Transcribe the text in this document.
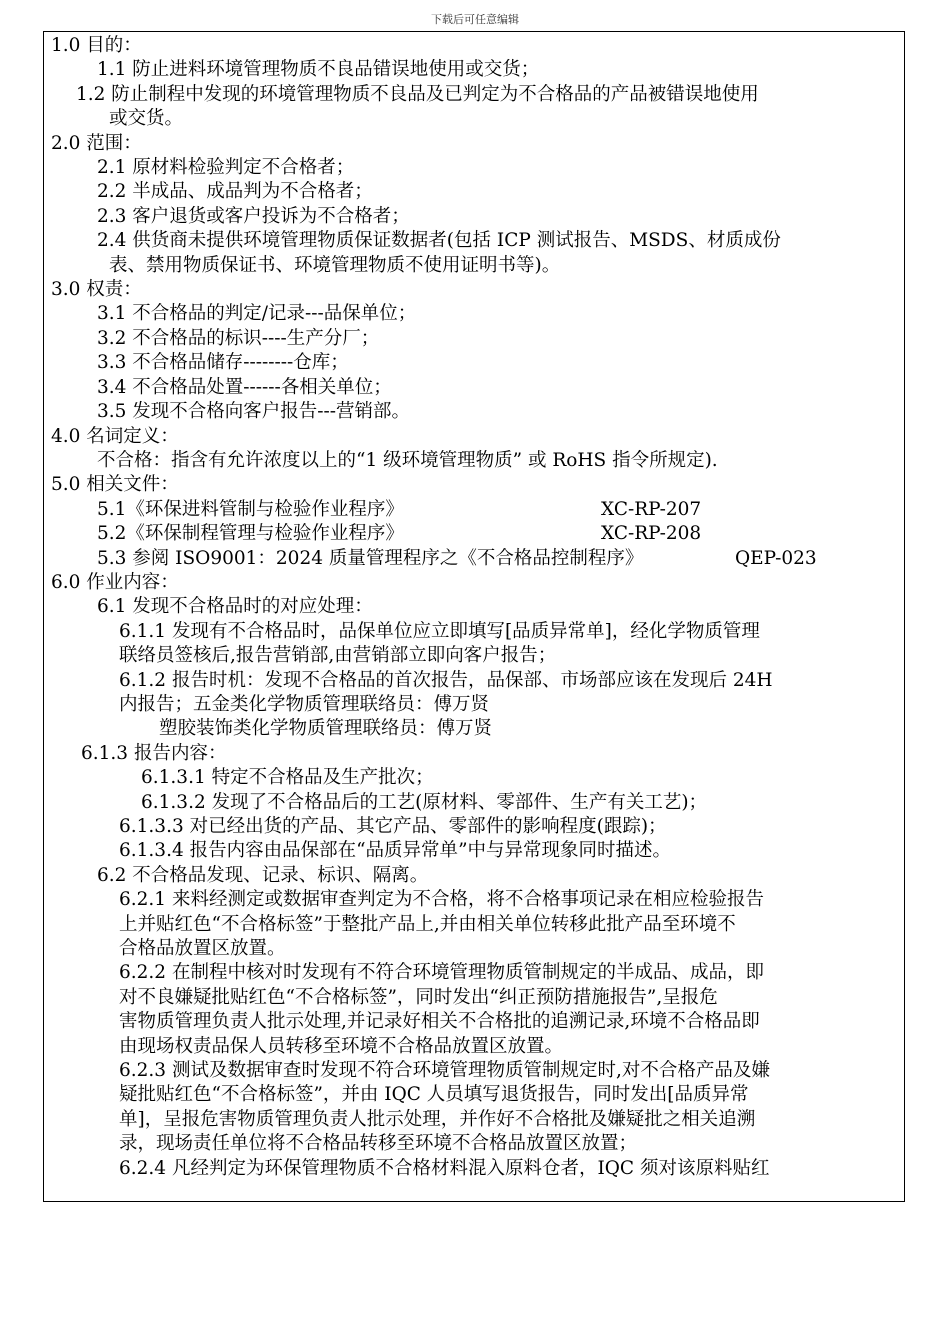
下载后可任意编辑
1.0 目的：
1.1 防止进料环境管理物质不良品错误地使用或交货；
1.2 防止制程中发现的环境管理物质不良品及已判定为不合格品的产品被错误地使用
或交货。
2.0 范围：
2.1 原材料检验判定不合格者；
2.2 半成品、成品判为不合格者；
2.3 客户退货或客户投诉为不合格者；
2.4 供货商未提供环境管理物质保证数据者(包括 ICP 测试报告、MSDS、材质成份
表、禁用物质保证书、环境管理物质不使用证明书等)。
3.0 权责：
3.1 不合格品的判定/记录---品保单位；
3.2 不合格品的标识----生产分厂；
3.3 不合格品储存--------仓库；
3.4 不合格品处置------各相关单位；
3.5 发现不合格向客户报告---营销部。
4.0 名词定义：
不合格：指含有允许浓度以上的“1 级环境管理物质” 或 RoHS 指令所规定).
5.0 相关文件：
5.1《环保进料管制与检验作业程序》	XC-RP-207
5.2《环保制程管理与检验作业程序》	XC-RP-208
5.3 参阅 ISO9001：2024 质量管理程序之《不合格品控制程序》	QEP-023
6.0 作业内容：
6.1 发现不合格品时的对应处理：
6.1.1 发现有不合格品时，品保单位应立即填写[品质异常单]，经化学物质管理
联络员签核后,报告营销部,由营销部立即向客户报告；
6.1.2 报告时机：发现不合格品的首次报告，品保部、市场部应该在发现后 24H
内报告；五金类化学物质管理联络员：傅万贤
塑胶装饰类化学物质管理联络员：傅万贤
6.1.3 报告内容：
6.1.3.1 特定不合格品及生产批次；
6.1.3.2 发现了不合格品后的工艺(原材料、零部件、生产有关工艺)；
6.1.3.3 对已经出货的产品、其它产品、零部件的影响程度(跟踪)；
6.1.3.4 报告内容由品保部在“品质异常单”中与异常现象同时描述。
6.2 不合格品发现、记录、标识、隔离。
6.2.1 来料经测定或数据审查判定为不合格，将不合格事项记录在相应检验报告
上并贴红色“不合格标签”于整批产品上,并由相关单位转移此批产品至环境不
合格品放置区放置。
6.2.2 在制程中核对时发现有不符合环境管理物质管制规定的半成品、成品，即
对不良嫌疑批贴红色“不合格标签”，同时发出“纠正预防措施报告”,呈报危
害物质管理负责人批示处理,并记录好相关不合格批的追溯记录,环境不合格品即
由现场权责品保人员转移至环境不合格品放置区放置。
6.2.3 测试及数据审查时发现不符合环境管理物质管制规定时,对不合格产品及嫌
疑批贴红色“不合格标签”，并由 IQC 人员填写退货报告，同时发出[品质异常
单]，呈报危害物质管理负责人批示处理，并作好不合格批及嫌疑批之相关追溯
录，现场责任单位将不合格品转移至环境不合格品放置区放置；
6.2.4 凡经判定为环保管理物质不合格材料混入原料仓者，IQC 须对该原料贴红
